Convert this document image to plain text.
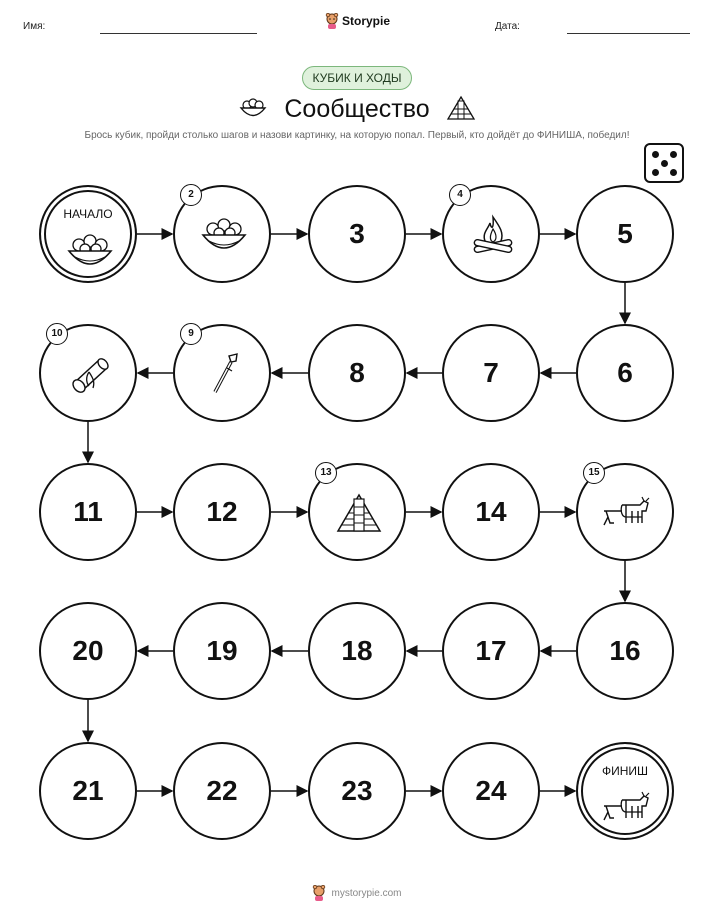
Имя:	Storypie	Дата:
КУБИК И ХОДЫ
Сообщество
Брось кубик, пройди столько шагов и назови картинку, на которую попал. Первый, кто дойдёт до ФИНИША, победил!
НАЧАЛО
2
3
4
5
6
7
8
9
10
11	12
13
14
15
16
17
18
19
20
21	22	23	24
ФИНИШ
mystorypie.com
